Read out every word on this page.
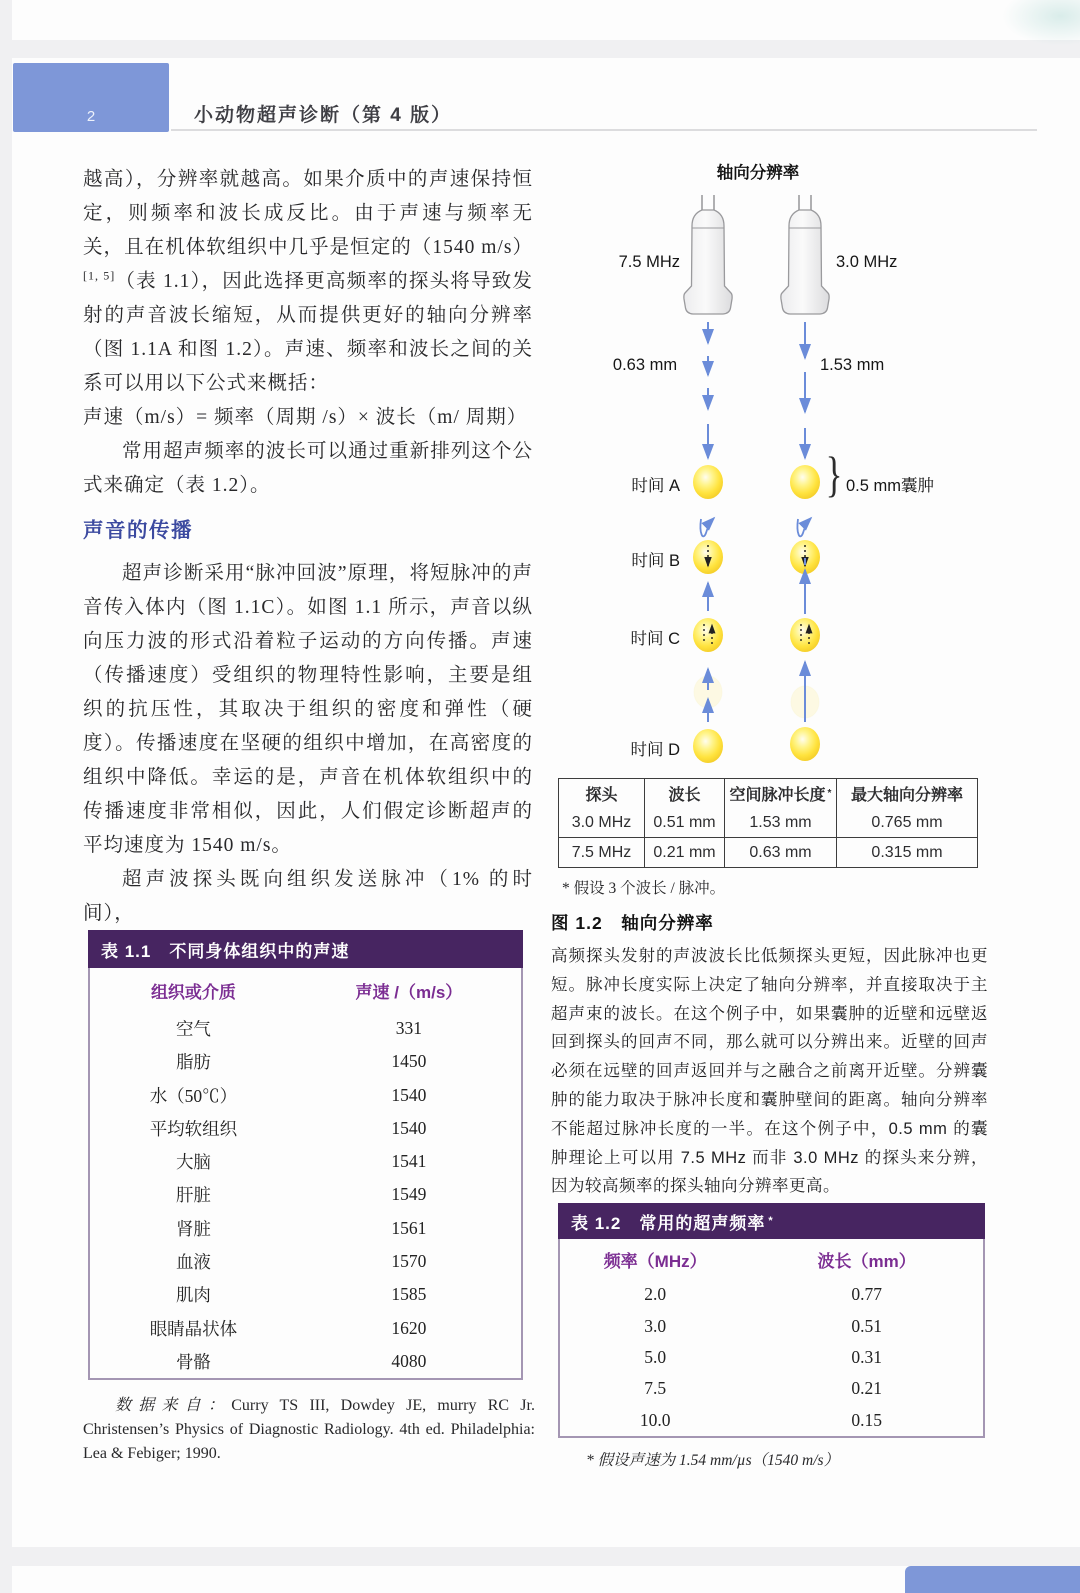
2	小动物超声诊断（第 4 版）

越高），分辨率就越高。如果介质中的声速保持恒定，则频率和波长成反比。由于声速与频率无关，且在机体软组织中几乎是恒定的（1540 m/s）[1, 5]（表 1.1），因此选择更高频率的探头将导致发射的声音波长缩短，从而提供更好的轴向分辨率（图 1.1A 和图 1.2）。声速、频率和波长之间的关系可以用以下公式来概括：

声速（m/s）= 频率（周期 /s）× 波长（m/ 周期）

常用超声频率的波长可以通过重新排列这个公式来确定（表 1.2）。

声音的传播

超声诊断采用“脉冲回波”原理，将短脉冲的声音传入体内（图 1.1C）。如图 1.1 所示，声音以纵向压力波的形式沿着粒子运动的方向传播。声速（传播速度）受组织的物理特性影响，主要是组织的抗压性，其取决于组织的密度和弹性（硬度）。传播速度在坚硬的组织中增加，在高密度的组织中降低。幸运的是，声音在机体软组织中的传播速度非常相似，因此，人们假定诊断超声的平均速度为 1540 m/s。

超声波探头既向组织发送脉冲（1% 的时间），

表 1.1　不同身体组织中的声速
组织或介质	声速 /（m/s）
空气	331
脂肪	1450
水（50℃）	1540
平均软组织	1540
大脑	1541
肝脏	1549
肾脏	1561
血液	1570
肌肉	1585
眼睛晶状体	1620
骨骼	4080
数据来自：Curry TS III, Dowdey JE, murry RC Jr. Christensen’s Physics of Diagnostic Radiology. 4th ed. Philadelphia: Lea & Febiger; 1990.
轴向分辨率
7.5 MHz	3.0 MHz
0.63 mm	1.53 mm
时间 A
时间 B
时间 C
时间 D
} 0.5 mm囊肿
探头	波长	空间脉冲长度 *	最大轴向分辨率
3.0 MHz	0.51 mm	1.53 mm	0.765 mm
7.5 MHz	0.21 mm	0.63 mm	0.315 mm
* 假设 3 个波长 / 脉冲。
图 1.2　轴向分辨率
高频探头发射的声波波长比低频探头更短，因此脉冲也更短。脉冲长度实际上决定了轴向分辨率，并直接取决于主超声束的波长。在这个例子中，如果囊肿的近壁和远壁返回到探头的回声不同，那么就可以分辨出来。近壁的回声必须在远壁的回声返回并与之融合之前离开近壁。分辨囊肿的能力取决于脉冲长度和囊肿壁间的距离。轴向分辨率不能超过脉冲长度的一半。在这个例子中，0.5 mm 的囊肿理论上可以用 7.5 MHz 而非 3.0 MHz 的探头来分辨，因为较高频率的探头轴向分辨率更高。
表 1.2　常用的超声频率 *
频率（MHz）	波长（mm）
2.0	0.77
3.0	0.51
5.0	0.31
7.5	0.21
10.0	0.15
* 假设声速为 1.54 mm/µs（1540 m/s）
